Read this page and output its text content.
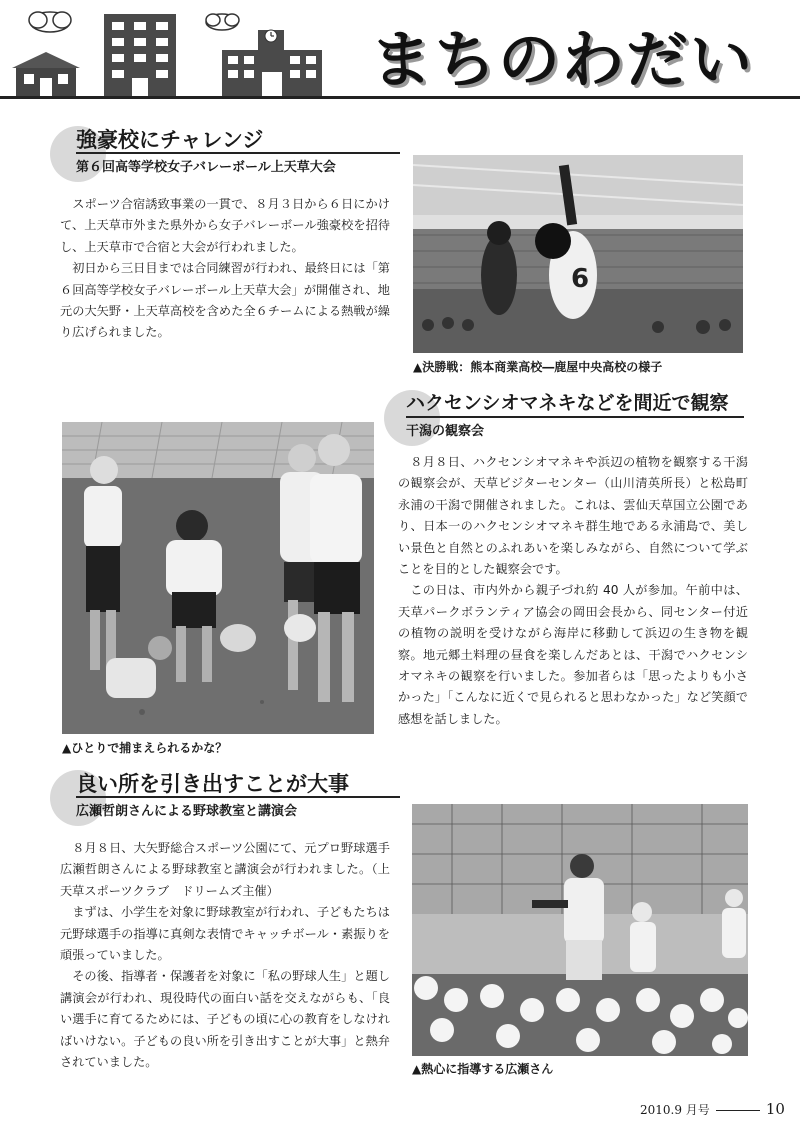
まちのわだい
強豪校にチャレンジ
第６回高等学校女子バレーボール上天草大会

スポーツ合宿誘致事業の一貫で、８月３日から６日にかけて、上天草市外また県外から女子バレーボール強豪校を招待し、上天草市で合宿と大会が行われました。

初日から三日目までは合同練習が行われ、最終日には「第６回高等学校女子バレーボール上天草大会」が開催され、地元の大矢野・上天草高校を含めた全６チームによる熱戦が繰り広げられました。

6
▲決勝戦：熊本商業高校―鹿屋中央高校の様子
ハクセンシオマネキなどを間近で観察
干潟の観察会
▲ひとりで捕まえられるかな？

８月８日、ハクセンシオマネキや浜辺の植物を観察する干潟の観察会が、天草ビジターセンター（山川清英所長）と松島町永浦の干潟で開催されました。これは、雲仙天草国立公園であり、日本一のハクセンシオマネキ群生地である永浦島で、美しい景色と自然とのふれあいを楽しみながら、自然について学ぶことを目的とした観察会です。

この日は、市内外から親子づれ約 40 人が参加。午前中は、天草パークボランティア協会の岡田会長から、同センター付近の植物の説明を受けながら海岸に移動して浜辺の生き物を観察。地元郷土料理の昼食を楽しんだあとは、干潟でハクセンシオマネキの観察を行いました。参加者らは「思ったよりも小さかった」「こんなに近くで見られると思わなかった」など笑顔で感想を話しました。

良い所を引き出すことが大事
広瀬哲朗さんによる野球教室と講演会

８月８日、大矢野総合スポーツ公園にて、元プロ野球選手広瀬哲朗さんによる野球教室と講演会が行われました。（上天草スポーツクラブ　ドリームズ主催）

まずは、小学生を対象に野球教室が行われ、子どもたちは元野球選手の指導に真剣な表情でキャッチボール・素振りを頑張っていました。

その後、指導者・保護者を対象に「私の野球人生」と題し講演会が行われ、現役時代の面白い話を交えながらも、「良い選手に育てるためには、子どもの頃に心の教育をしなければいけない。子どもの良い所を引き出すことが大事」と熱弁されていました。	▲熱心に指導する広瀬さん
2010.9 月号	10
